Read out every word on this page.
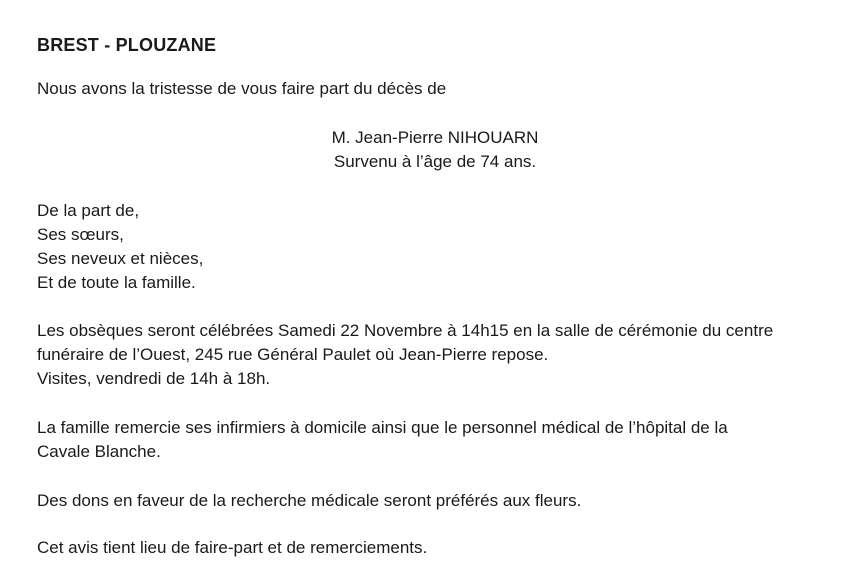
BREST - PLOUZANE
Nous avons la tristesse de vous faire part du décès de
M. Jean-Pierre NIHOUARN
Survenu à l’âge de 74 ans.
De la part de,
Ses sœurs,
Ses neveux et nièces,
Et de toute la famille.
Les obsèques seront célébrées Samedi 22 Novembre à 14h15 en la salle de cérémonie du centre
funéraire de l’Ouest, 245 rue Général Paulet où Jean-Pierre repose.
Visites, vendredi de 14h à 18h.
La famille remercie ses infirmiers à domicile ainsi que le personnel médical de l’hôpital de la
Cavale Blanche.
Des dons en faveur de la recherche médicale seront préférés aux fleurs.
Cet avis tient lieu de faire-part et de remerciements.
